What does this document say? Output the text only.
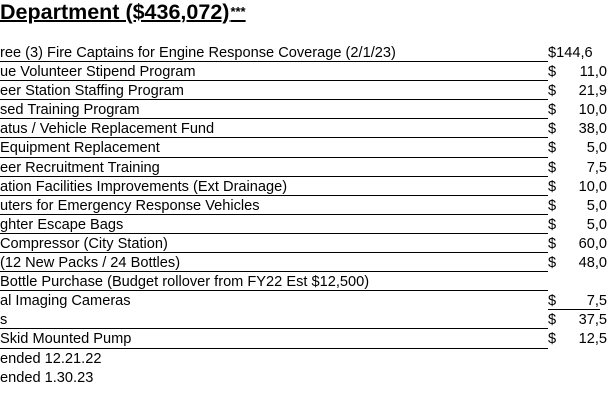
Department ($436,072)***
ree (3) Fire Captains for Engine Response Coverage (2/1/23)	$144,6
ue Volunteer Stipend Program	$ 11,0
eer Station Staffing Program	$ 21,9
sed Training Program	$ 10,0
atus / Vehicle Replacement Fund	$ 38,0
Equipment Replacement	$ 5,0
eer Recruitment Training	$ 7,5
ation Facilities Improvements (Ext Drainage)	$ 10,0
uters for Emergency Response Vehicles	$ 5,0
ghter Escape Bags	$ 5,0
Compressor (City Station)	$ 60,0
(12 New Packs / 24 Bottles)	$ 48,0
Bottle Purchase (Budget rollover from FY22 Est $12,500)
al Imaging Cameras	$ 7,5
s	$ 37,5
Skid Mounted Pump	$ 12,5
ended 12.21.22
ended 1.30.23
